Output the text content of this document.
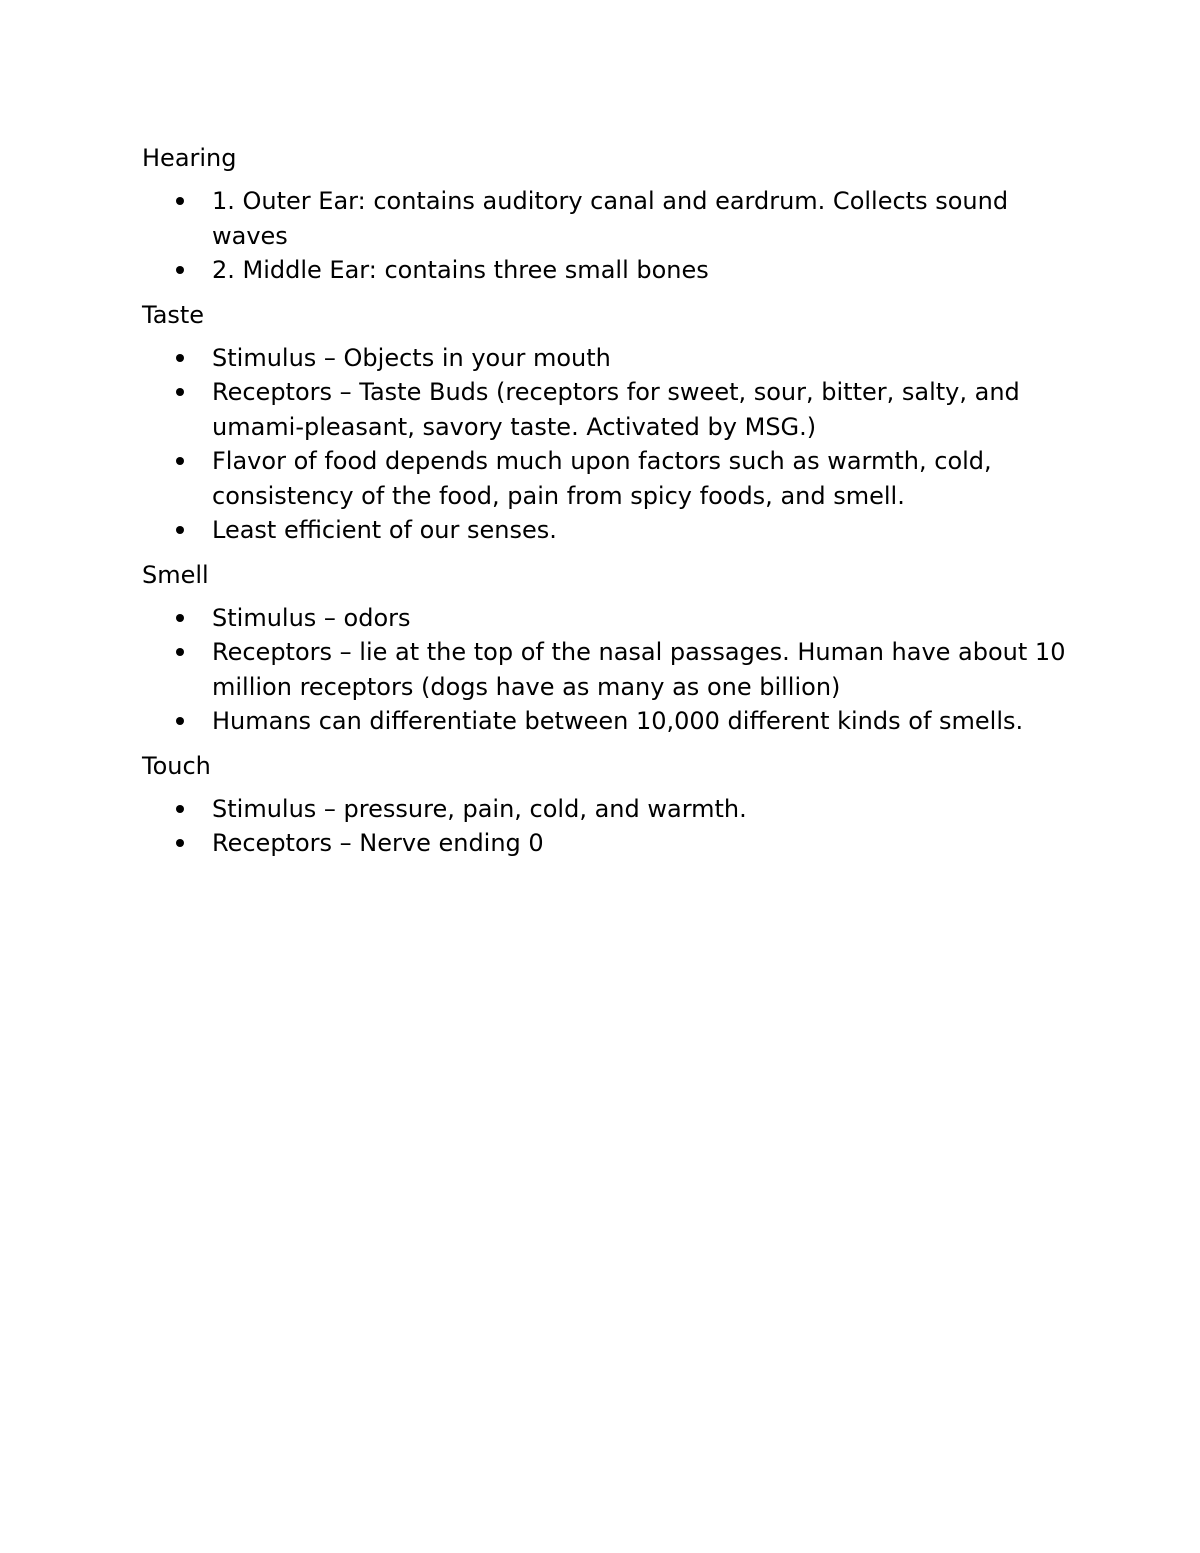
Hearing
1. Outer Ear: contains auditory canal and eardrum. Collects sound waves
2. Middle Ear: contains three small bones
Taste
Stimulus – Objects in your mouth
Receptors – Taste Buds (receptors for sweet, sour, bitter, salty, and umami-pleasant, savory taste. Activated by MSG.)
Flavor of food depends much upon factors such as warmth, cold, consistency of the food, pain from spicy foods, and smell.
Least efficient of our senses.
Smell
Stimulus – odors
Receptors – lie at the top of the nasal passages. Human have about 10 million receptors (dogs have as many as one billion)
Humans can differentiate between 10,000 different kinds of smells.
Touch
Stimulus – pressure, pain, cold, and warmth.
Receptors – Nerve ending 0
